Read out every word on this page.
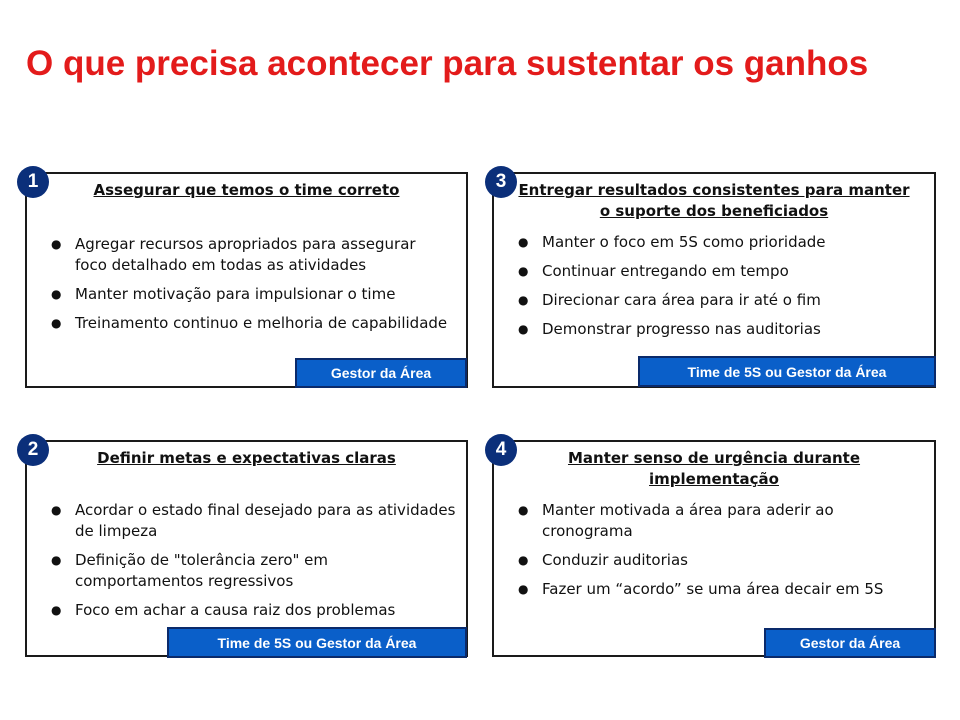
O que precisa acontecer para sustentar os ganhos
1	Assegurar que temos o time correto
● Agregar recursos apropriados para assegurar foco detalhado em todas as atividades
● Manter motivação para impulsionar o time
● Treinamento continuo e melhoria de capabilidade
Gestor da Área
3 Entregar resultados consistentes para manter o suporte dos beneficiados
● Manter o foco em 5S como prioridade
● Continuar entregando em tempo
● Direcionar cara área para ir até o fim
● Demonstrar progresso nas auditorias
Time de 5S ou Gestor da Área
2	Definir metas e expectativas claras
● Acordar o estado final desejado para as atividades de limpeza
● Definição de "tolerância zero" em comportamentos regressivos
● Foco em achar a causa raiz dos problemas
Time de 5S ou Gestor da Área
4	Manter senso de urgência durante implementação
● Manter motivada a área para aderir ao cronograma
● Conduzir auditorias
● Fazer um “acordo” se uma área decair em 5S
Gestor da Área
